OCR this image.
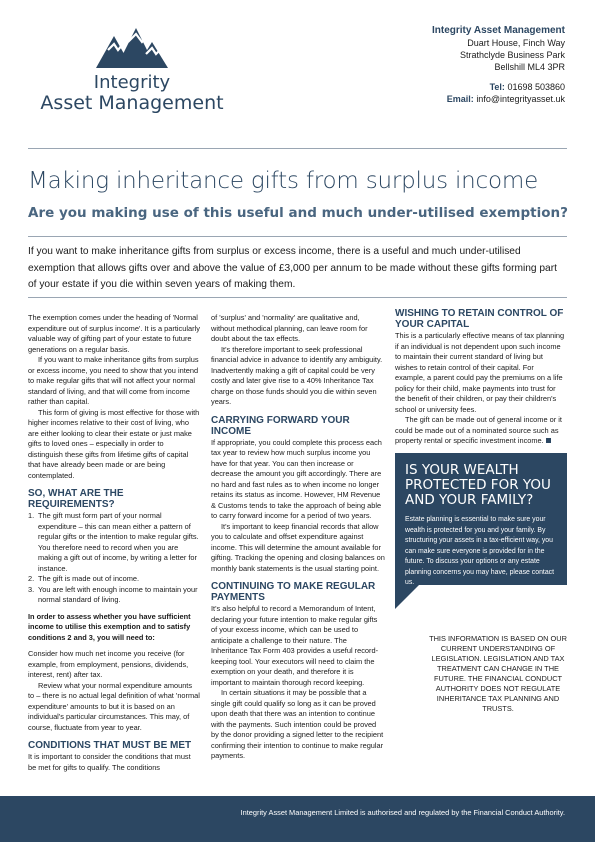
Integrity
Asset Management
Integrity Asset Management
Duart House, Finch Way
Strathclyde Business Park
Bellshill ML4 3PR
Tel: 01698 503860
Email: info@integrityasset.uk
Making inheritance gifts from surplus income
Are you making use of this useful and much under-utilised exemption?

If you want to make inheritance gifts from surplus or excess income, there is a useful and much under-utilised exemption that allows gifts over and above the value of £3,000 per annum to be made without these gifts forming part of your estate if you die within seven years of making them.

The exemption comes under the heading of 'Normal expenditure out of surplus income'. It is a particularly valuable way of gifting part of your estate to future generations on a regular basis.

If you want to make inheritance gifts from surplus or excess income, you need to show that you intend to make regular gifts that will not affect your normal standard of living, and that will come from income rather than capital.

This form of giving is most effective for those with higher incomes relative to their cost of living, who are either looking to clear their estate or just make gifts to loved ones – especially in order to distinguish these gifts from lifetime gifts of capital that have already been made or are being contemplated.

SO, WHAT ARE THE REQUIREMENTS?
1. The gift must form part of your normal expenditure – this can mean either a pattern of regular gifts or the intention to make regular gifts. You therefore need to record when you are making a gift out of income, by writing a letter for instance.
2. The gift is made out of income.
3. You are left with enough income to maintain your normal standard of living.

In order to assess whether you have sufficient income to utilise this exemption and to satisfy conditions 2 and 3, you will need to:

Consider how much net income you receive (for example, from employment, pensions, dividends, interest, rent) after tax.

Review what your normal expenditure amounts to – there is no actual legal definition of what 'normal expenditure' amounts to but it is based on an individual's particular circumstances. This may, of course, fluctuate from year to year.

CONDITIONS THAT MUST BE MET

It is important to consider the conditions that must be met for gifts to qualify. The conditions

of 'surplus' and 'normality' are qualitative and, without methodical planning, can leave room for doubt about the tax effects.

It's therefore important to seek professional financial advice in advance to identify any ambiguity. Inadvertently making a gift of capital could be very costly and later give rise to a 40% Inheritance Tax charge on those funds should you die within seven years.

CARRYING FORWARD YOUR INCOME

If appropriate, you could complete this process each tax year to review how much surplus income you have for that year. You can then increase or decrease the amount you gift accordingly. There are no hard and fast rules as to when income no longer retains its status as income. However, HM Revenue & Customs tends to take the approach of being able to carry forward income for a period of two years.

It's important to keep financial records that allow you to calculate and offset expenditure against income. This will determine the amount available for gifting. Tracking the opening and closing balances on monthly bank statements is the usual starting point.

CONTINUING TO MAKE REGULAR PAYMENTS

It's also helpful to record a Memorandum of Intent, declaring your future intention to make regular gifts of your excess income, which can be used to anticipate a challenge to their nature. The Inheritance Tax Form 403 provides a useful record-keeping tool. Your executors will need to claim the exemption on your death, and therefore it is important to maintain thorough record keeping.

In certain situations it may be possible that a single gift could qualify so long as it can be proved upon death that there was an intention to continue with the payments. Such intention could be proved by the donor providing a signed letter to the recipient confirming their intention to continue to make regular payments.

WISHING TO RETAIN CONTROL OF YOUR CAPITAL

This is a particularly effective means of tax planning if an individual is not dependent upon such income to maintain their current standard of living but wishes to retain control of their capital. For example, a parent could pay the premiums on a life policy for their child, make payments into trust for the benefit of their children, or pay their children's school or university fees.

The gift can be made out of general income or it could be made out of a nominated source such as property rental or specific investment income.

IS YOUR WEALTH PROTECTED FOR YOU AND YOUR FAMILY?
Estate planning is essential to make sure your wealth is protected for you and your family. By structuring your assets in a tax-efficient way, you can make sure everyone is provided for in the future. To discuss your options or any estate planning concerns you may have, please contact us.
THIS INFORMATION IS BASED ON OUR CURRENT UNDERSTANDING OF LEGISLATION. LEGISLATION AND TAX TREATMENT CAN CHANGE IN THE FUTURE. THE FINANCIAL CONDUCT AUTHORITY DOES NOT REGULATE INHERITANCE TAX PLANNING AND TRUSTS.
Integrity Asset Management Limited is authorised and regulated by the Financial Conduct Authority.
